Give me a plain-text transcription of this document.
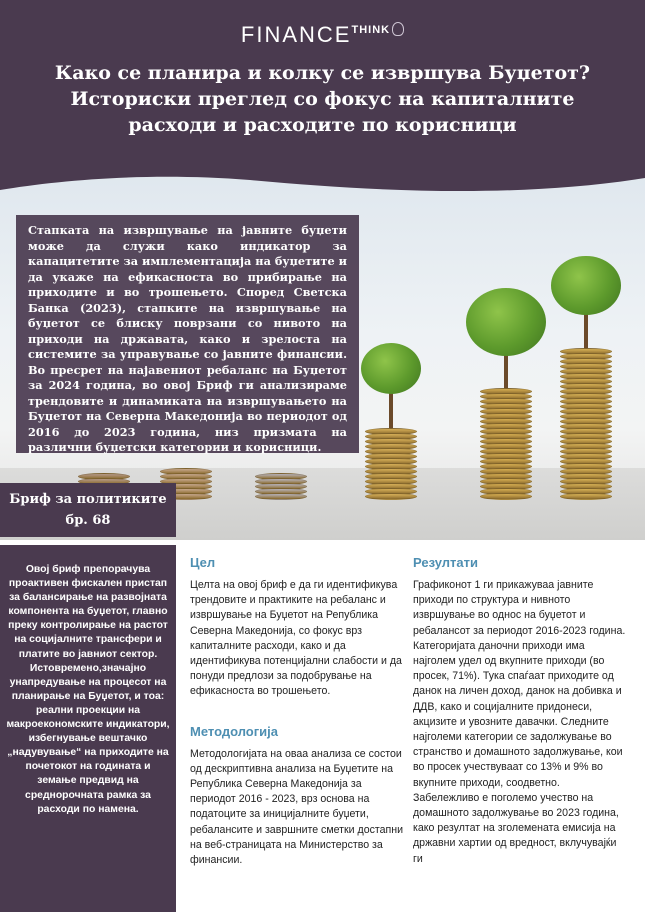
$FINANCE^{THINK}$
Како се планира и колку се извршува Буџетот? Историски преглед со фокус на капиталните расходи и расходите по корисници

Стапката на извршување на јавните буџети може да служи како индикатор за капацитетите за имплементација на буџетите и да укаже на ефикасноста во прибирање на приходите и во трошењето. Според Светска Банка (2023), стапките на извршување на буџетот се блиску поврзани со нивото на приходи на државата, како и зрелоста на системите за управување со јавните финансии. Во пресрет на најавениот ребаланс на Буџетот за 2024 година, во овој Бриф ги анализираме трендовите и динамиката на извршувањето на Буџетот на Северна Македонија во периодот од 2016 до 2023 година, низ призмата на различни буџетски категории и корисници.

Бриф за политиките
бр. 68

Овој бриф препорачува проактивен фискален пристап за балансирање на развојната компонента на буџетот, главно преку контролирање на растот на социјалните трансфери и платите во јавниот сектор. Истовремено,значајно унапредување на процесот на планирање на Буџетот, и тоа: реални проекции на макроекономските индикатори, избегнување вештачко „надувување“ на приходите на почетокот на годината и земање предвид на среднорочната рамка за расходи по намена.

Цел

Целта на овој бриф е да ги идентификува трендовите и практиките на ребаланс и извршување на Буџетот на Република Северна Македонија, со фокус врз капиталните расходи, како и да идентификува потенцијални слабости и да понуди предлози за подобрување на ефикасноста во трошењето.

Методологија

Методологијата на оваа анализа се состои од дескриптивна анализа на Буџетите на Република Северна Македонија за периодот 2016 - 2023, врз основа на податоците за иницијалните буџети, ребалансите и завршните сметки достапни на веб-страницата на Министерство за финансии.

Резултати

Графиконот 1 ги прикажуваа јавните приходи по структура и нивното извршување во однос на буџетот и ребалансот за периодот 2016-2023 година. Категоријата даночни приходи има најголем удел од вкупните приходи (во просек, 71%). Тука спаѓаат приходите од данок на личен доход, данок на добивка и ДДВ, како и социјалните придонеси, акцизите и увозните давачки. Следните најголеми категории се задолжување во странство и домашното задолжување, кои во просек учествуваат со 13% и 9% во вкупните приходи, соодветно. Забележливо е поголемо учество на домашното задолжување во 2023 година, како резултат на зголемената емисија на државни хартии од вредност, вклучувајќи ги
